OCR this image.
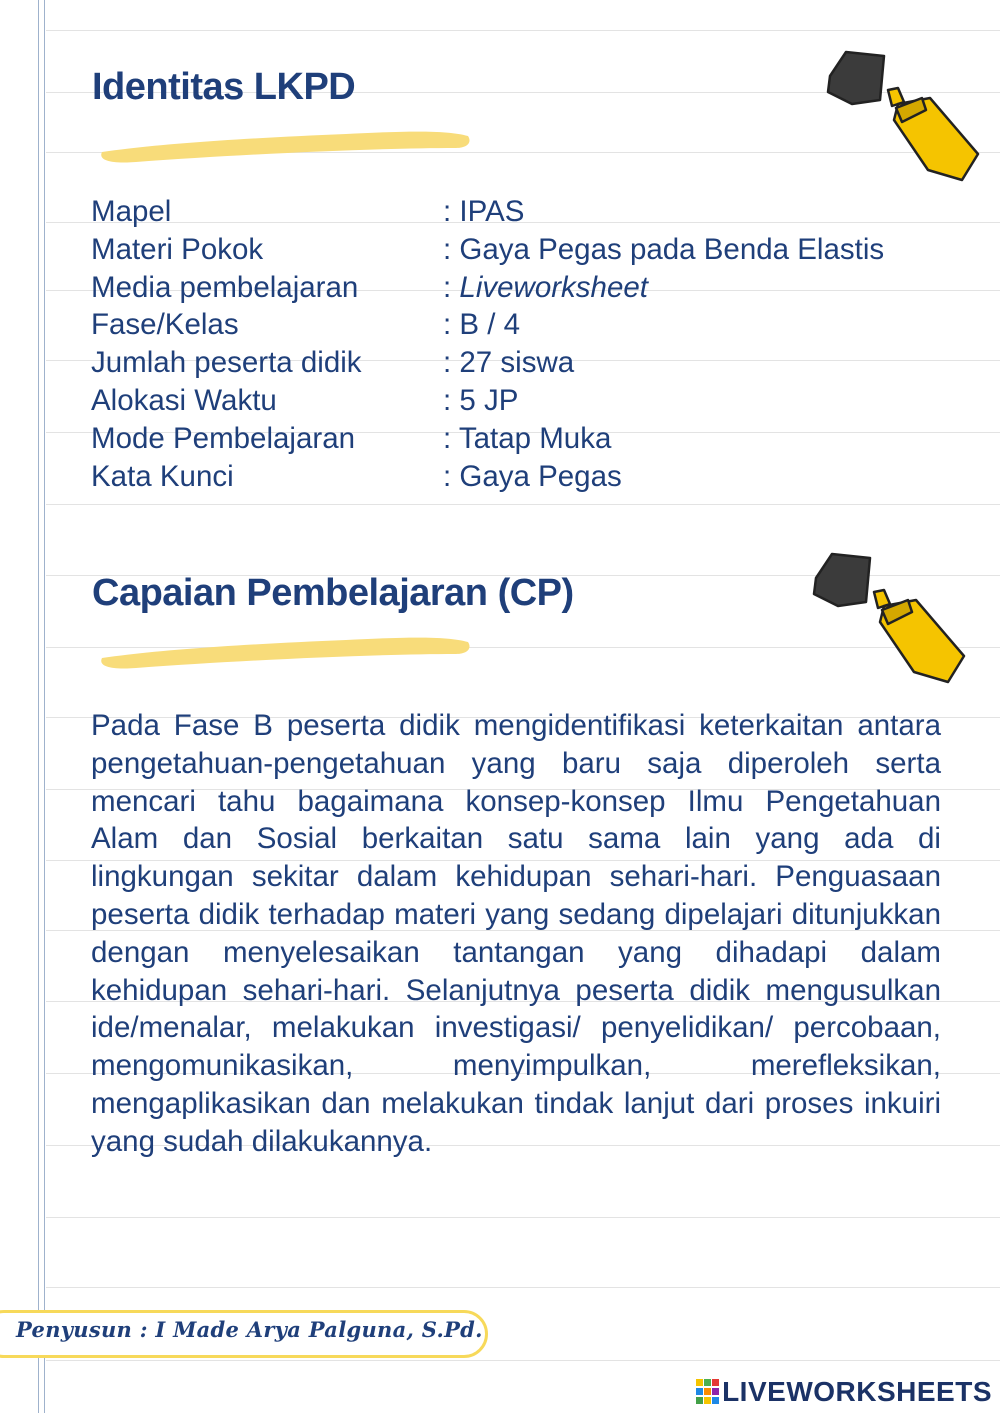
Identitas LKPD
Mapel	: IPAS
Materi Pokok	: Gaya Pegas pada Benda Elastis
Media pembelajaran	: Liveworksheet
Fase/Kelas	: B / 4
Jumlah peserta didik	: 27 siswa
Alokasi Waktu	: 5 JP
Mode Pembelajaran	: Tatap Muka
Kata Kunci	: Gaya Pegas
Capaian Pembelajaran (CP)

Pada Fase B peserta didik mengidentifikasi keterkaitan antara pengetahuan-pengetahuan yang baru saja diperoleh serta mencari tahu bagaimana konsep-konsep Ilmu Pengetahuan Alam dan Sosial berkaitan satu sama lain yang ada di lingkungan sekitar dalam kehidupan sehari-hari. Penguasaan peserta didik terhadap materi yang sedang dipelajari ditunjukkan dengan menyelesaikan tantangan yang dihadapi dalam kehidupan sehari-hari. Selanjutnya peserta didik mengusulkan ide/menalar, melakukan investigasi/ penyelidikan/ percobaan, mengomunikasikan, menyimpulkan, merefleksikan, mengaplikasikan dan melakukan tindak lanjut dari proses inkuiri yang sudah dilakukannya.

Penyusun : I Made Arya Palguna, S.Pd.
LIVEWORKSHEETS
